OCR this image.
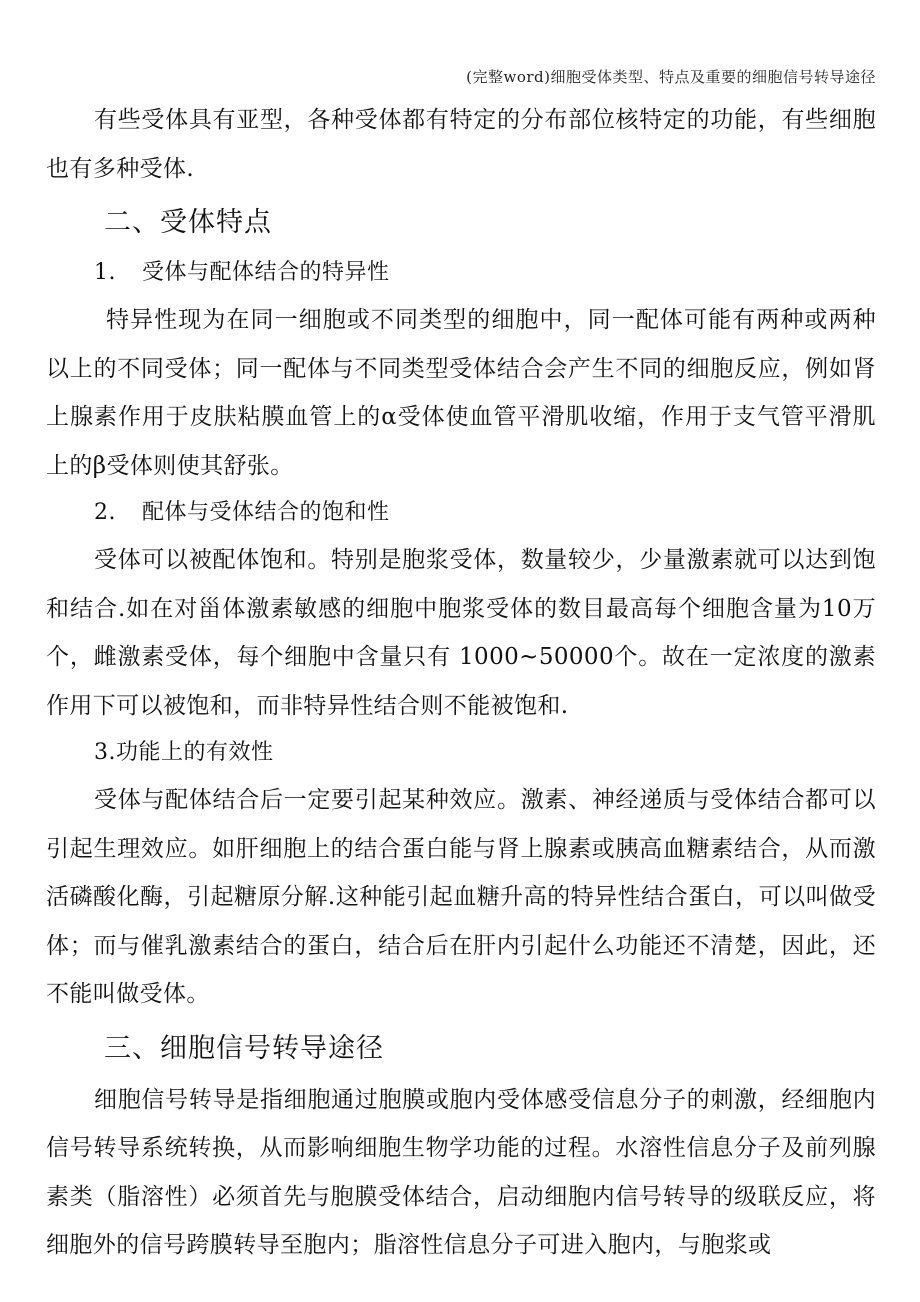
(完整word)细胞受体类型、特点及重要的细胞信号转导途径

有些受体具有亚型，各种受体都有特定的分布部位核特定的功能，有些细胞也有多种受体.

二、受体特点
1. 受体与配体结合的特异性

特异性现为在同一细胞或不同类型的细胞中，同一配体可能有两种或两种以上的不同受体；同一配体与不同类型受体结合会产生不同的细胞反应，例如肾上腺素作用于皮肤粘膜血管上的α受体使血管平滑肌收缩，作用于支气管平滑肌上的β受体则使其舒张。

2. 配体与受体结合的饱和性

受体可以被配体饱和。特别是胞浆受体，数量较少，少量激素就可以达到饱和结合.如在对甾体激素敏感的细胞中胞浆受体的数目最高每个细胞含量为10万个，雌激素受体，每个细胞中含量只有 1000~50000个。故在一定浓度的激素作用下可以被饱和，而非特异性结合则不能被饱和.

3.功能上的有效性

受体与配体结合后一定要引起某种效应。激素、神经递质与受体结合都可以引起生理效应。如肝细胞上的结合蛋白能与肾上腺素或胰高血糖素结合，从而激活磷酸化酶，引起糖原分解.这种能引起血糖升高的特异性结合蛋白，可以叫做受体；而与催乳激素结合的蛋白，结合后在肝内引起什么功能还不清楚，因此，还不能叫做受体。

三、细胞信号转导途径

细胞信号转导是指细胞通过胞膜或胞内受体感受信息分子的刺激，经细胞内信号转导系统转换，从而影响细胞生物学功能的过程。水溶性信息分子及前列腺素类（脂溶性）必须首先与胞膜受体结合，启动细胞内信号转导的级联反应，将细胞外的信号跨膜转导至胞内；脂溶性信息分子可进入胞内，与胞浆或
